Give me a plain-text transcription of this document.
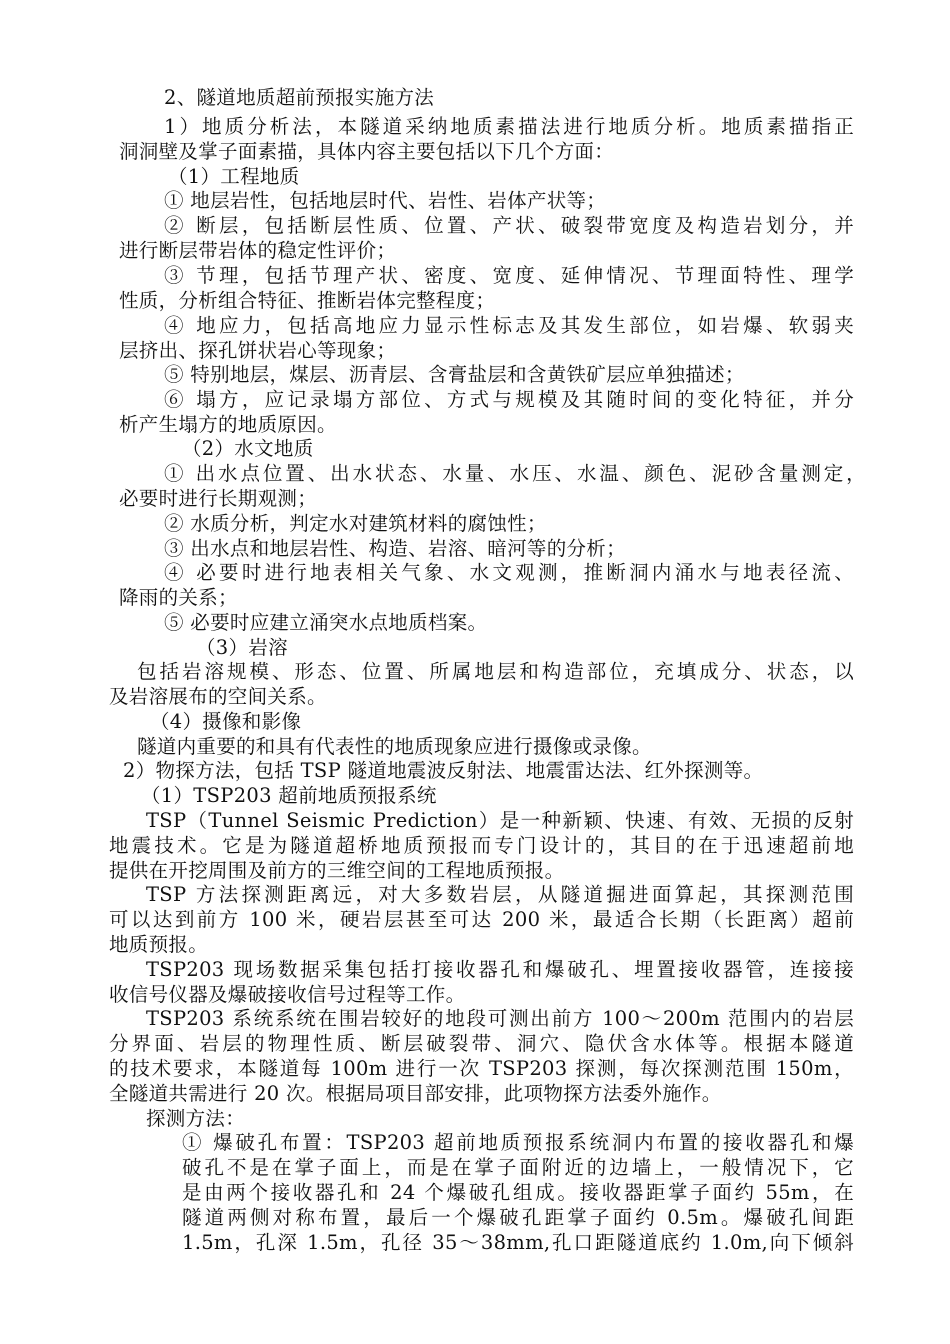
2、隧道地质超前预报实施方法
1）地质分析法，本隧道采纳地质素描法进行地质分析。地质素描指正
洞洞壁及掌子面素描，具体内容主要包括以下几个方面：
（1）工程地质
① 地层岩性，包括地层时代、岩性、岩体产状等；
② 断层，包括断层性质、位置、产状、破裂带宽度及构造岩划分，并
进行断层带岩体的稳定性评价；
③ 节理，包括节理产状、密度、宽度、延伸情况、节理面特性、理学
性质，分析组合特征、推断岩体完整程度；
④ 地应力，包括高地应力显示性标志及其发生部位，如岩爆、软弱夹
层挤出、探孔饼状岩心等现象；
⑤ 特别地层，煤层、沥青层、含膏盐层和含黄铁矿层应单独描述；
⑥ 塌方，应记录塌方部位、方式与规模及其随时间的变化特征，并分
析产生塌方的地质原因。
（2）水文地质
① 出水点位置、出水状态、水量、水压、水温、颜色、泥砂含量测定，
必要时进行长期观测；
② 水质分析，判定水对建筑材料的腐蚀性；
③ 出水点和地层岩性、构造、岩溶、暗河等的分析；
④ 必要时进行地表相关气象、水文观测，推断洞内涌水与地表径流、
降雨的关系；
⑤ 必要时应建立涌突水点地质档案。
（3）岩溶
包括岩溶规模、形态、位置、所属地层和构造部位，充填成分、状态，以
及岩溶展布的空间关系。
（4）摄像和影像
隧道内重要的和具有代表性的地质现象应进行摄像或录像。
2）物探方法，包括 TSP 隧道地震波反射法、地震雷达法、红外探测等。
（1）TSP203 超前地质预报系统
TSP（Tunnel Seismic Prediction）是一种新颖、快速、有效、无损的反射
地震技术。它是为隧道超桥地质预报而专门设计的，其目的在于迅速超前地
提供在开挖周围及前方的三维空间的工程地质预报。
TSP 方法探测距离远，对大多数岩层，从隧道掘进面算起，其探测范围
可以达到前方 100 米，硬岩层甚至可达 200 米，最适合长期（长距离）超前
地质预报。
TSP203 现场数据采集包括打接收器孔和爆破孔、埋置接收器管，连接接
收信号仪器及爆破接收信号过程等工作。
TSP203 系统系统在围岩较好的地段可测出前方 100～200m 范围内的岩层
分界面、岩层的物理性质、断层破裂带、洞穴、隐伏含水体等。根据本隧道
的技术要求，本隧道每 100m 进行一次 TSP203 探测，每次探测范围 150m，
全隧道共需进行 20 次。根据局项目部安排，此项物探方法委外施作。
探测方法：
① 爆破孔布置：TSP203 超前地质预报系统洞内布置的接收器孔和爆
破孔不是在掌子面上，而是在掌子面附近的边墙上，一般情况下，它
是由两个接收器孔和 24 个爆破孔组成。接收器距掌子面约 55m，在
隧道两侧对称布置，最后一个爆破孔距掌子面约 0.5m。爆破孔间距
1.5m，孔深 1.5m，孔径 35～38mm,孔口距隧道底约 1.0m,向下倾斜
